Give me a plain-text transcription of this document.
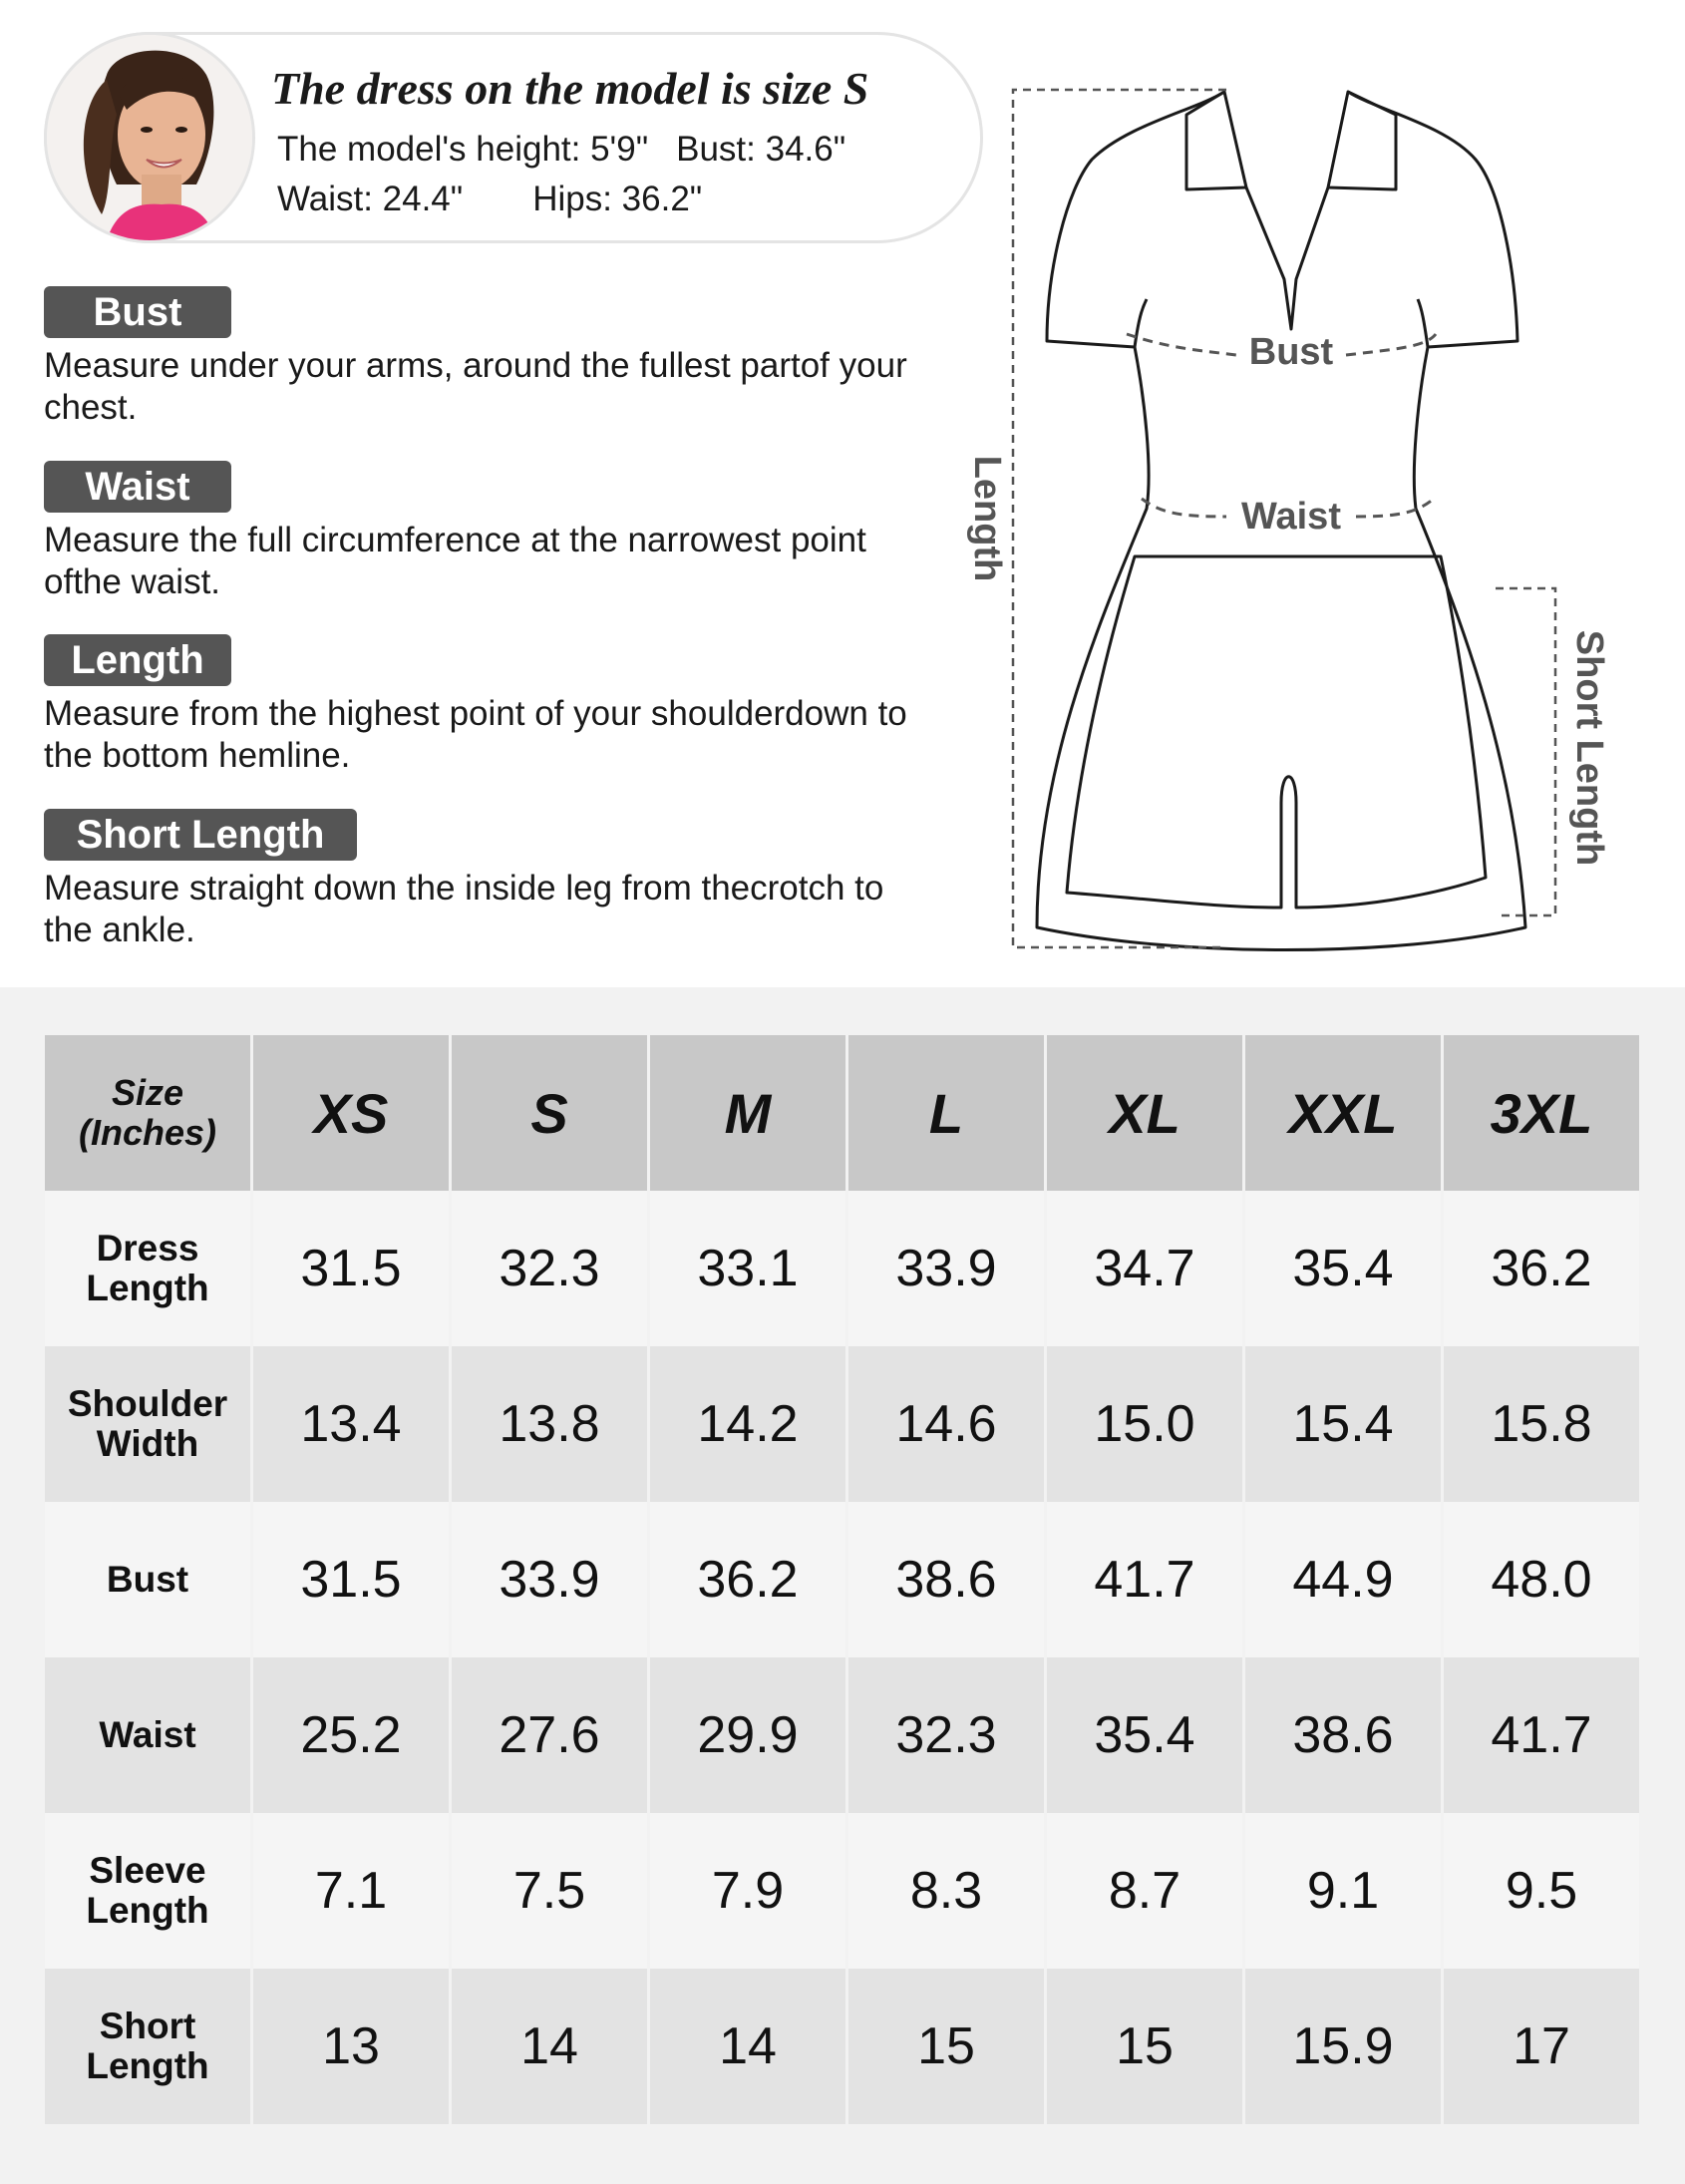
The dress on the model is size S
The model's height: 5'9" Bust: 34.6"
Waist: 24.4" Hips: 36.2"
Bust
Measure under your arms, around the fullest partof your chest.
Waist
Measure the full circumference at the narrowest point ofthe waist.
Length
Measure from the highest point of your shoulderdown to the bottom hemline.
Short Length
Measure straight down the inside leg from thecrotch to the ankle.
Bust
Waist
Length
Short Length
Size (Inches)	XS	S	M	L	XL	XXL	3XL
Dress Length	31.5	32.3	33.1	33.9	34.7	35.4	36.2
Shoulder Width	13.4	13.8	14.2	14.6	15.0	15.4	15.8
Bust	31.5	33.9	36.2	38.6	41.7	44.9	48.0
Waist	25.2	27.6	29.9	32.3	35.4	38.6	41.7
Sleeve Length	7.1	7.5	7.9	8.3	8.7	9.1	9.5
Short Length	13	14	14	15	15	15.9	17
